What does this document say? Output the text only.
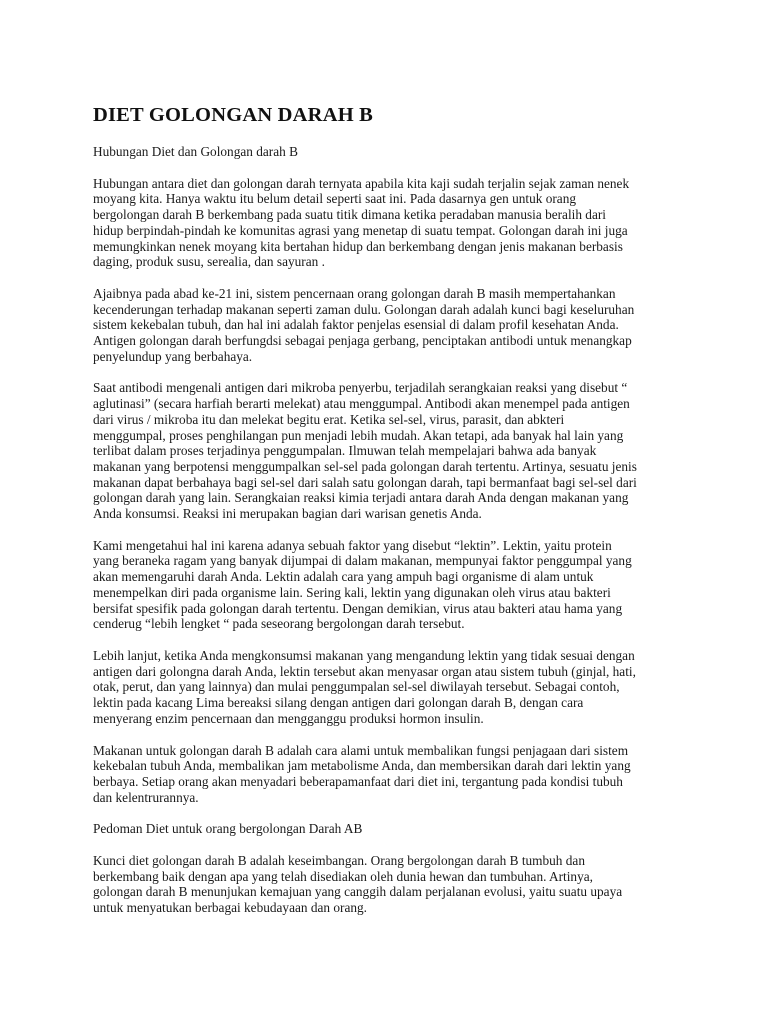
DIET GOLONGAN DARAH B

Hubungan Diet dan Golongan darah B

Hubungan antara diet dan golongan darah ternyata apabila kita kaji sudah terjalin sejak zaman nenek
moyang kita. Hanya waktu itu belum detail seperti saat ini. Pada dasarnya gen untuk orang
bergolongan darah B berkembang pada suatu titik dimana ketika peradaban manusia beralih dari
hidup berpindah-pindah ke komunitas agrasi yang menetap di suatu tempat. Golongan darah ini juga
memungkinkan nenek moyang kita bertahan hidup dan berkembang dengan jenis makanan berbasis
daging, produk susu, serealia, dan sayuran .

Ajaibnya pada abad ke-21 ini, sistem pencernaan orang golongan darah B masih mempertahankan
kecenderungan terhadap makanan seperti zaman dulu. Golongan darah adalah kunci bagi keseluruhan
sistem kekebalan tubuh, dan hal ini adalah faktor penjelas esensial di dalam profil kesehatan Anda.
Antigen golongan darah berfungdsi sebagai penjaga gerbang, penciptakan antibodi untuk menangkap
penyelundup yang berbahaya.

Saat antibodi mengenali antigen dari mikroba penyerbu, terjadilah serangkaian reaksi yang disebut “
aglutinasi” (secara harfiah berarti melekat) atau menggumpal. Antibodi akan menempel pada antigen
dari virus / mikroba itu dan melekat begitu erat. Ketika sel-sel, virus, parasit, dan abkteri
menggumpal, proses penghilangan pun menjadi lebih mudah. Akan tetapi, ada banyak hal lain yang
terlibat dalam proses terjadinya penggumpalan. Ilmuwan telah mempelajari bahwa ada banyak
makanan yang berpotensi menggumpalkan sel-sel pada golongan darah tertentu. Artinya, sesuatu jenis
makanan dapat berbahaya bagi sel-sel dari salah satu golongan darah, tapi bermanfaat bagi sel-sel dari
golongan darah yang lain. Serangkaian reaksi kimia terjadi antara darah Anda dengan makanan yang
Anda konsumsi. Reaksi ini merupakan bagian dari warisan genetis Anda.

Kami mengetahui hal ini karena adanya sebuah faktor yang disebut “lektin”. Lektin, yaitu protein
yang beraneka ragam yang banyak dijumpai di dalam makanan, mempunyai faktor penggumpal yang
akan memengaruhi darah Anda. Lektin adalah cara yang ampuh bagi organisme di alam untuk
menempelkan diri pada organisme lain. Sering kali, lektin yang digunakan oleh virus atau bakteri
bersifat spesifik pada golongan darah tertentu. Dengan demikian, virus atau bakteri atau hama yang
cenderug “lebih lengket “ pada seseorang bergolongan darah tersebut.

Lebih lanjut, ketika Anda mengkonsumsi makanan yang mengandung lektin yang tidak sesuai dengan
antigen dari golongna darah Anda, lektin tersebut akan menyasar organ atau sistem tubuh (ginjal, hati,
otak, perut, dan yang lainnya) dan mulai penggumpalan sel-sel diwilayah tersebut. Sebagai contoh,
lektin pada kacang Lima bereaksi silang dengan antigen dari golongan darah B, dengan cara
menyerang enzim pencernaan dan mengganggu produksi hormon insulin.

Makanan untuk golongan darah B adalah cara alami untuk membalikan fungsi penjagaan dari sistem
kekebalan tubuh Anda, membalikan jam metabolisme Anda, dan membersikan darah dari lektin yang
berbaya. Setiap orang akan menyadari beberapamanfaat dari diet ini, tergantung pada kondisi tubuh
dan kelentrurannya.

Pedoman Diet untuk orang bergolongan Darah AB

Kunci diet golongan darah B adalah keseimbangan. Orang bergolongan darah B tumbuh dan
berkembang baik dengan apa yang telah disediakan oleh dunia hewan dan tumbuhan. Artinya,
golongan darah B menunjukan kemajuan yang canggih dalam perjalanan evolusi, yaitu suatu upaya
untuk menyatukan berbagai kebudayaan dan orang.
